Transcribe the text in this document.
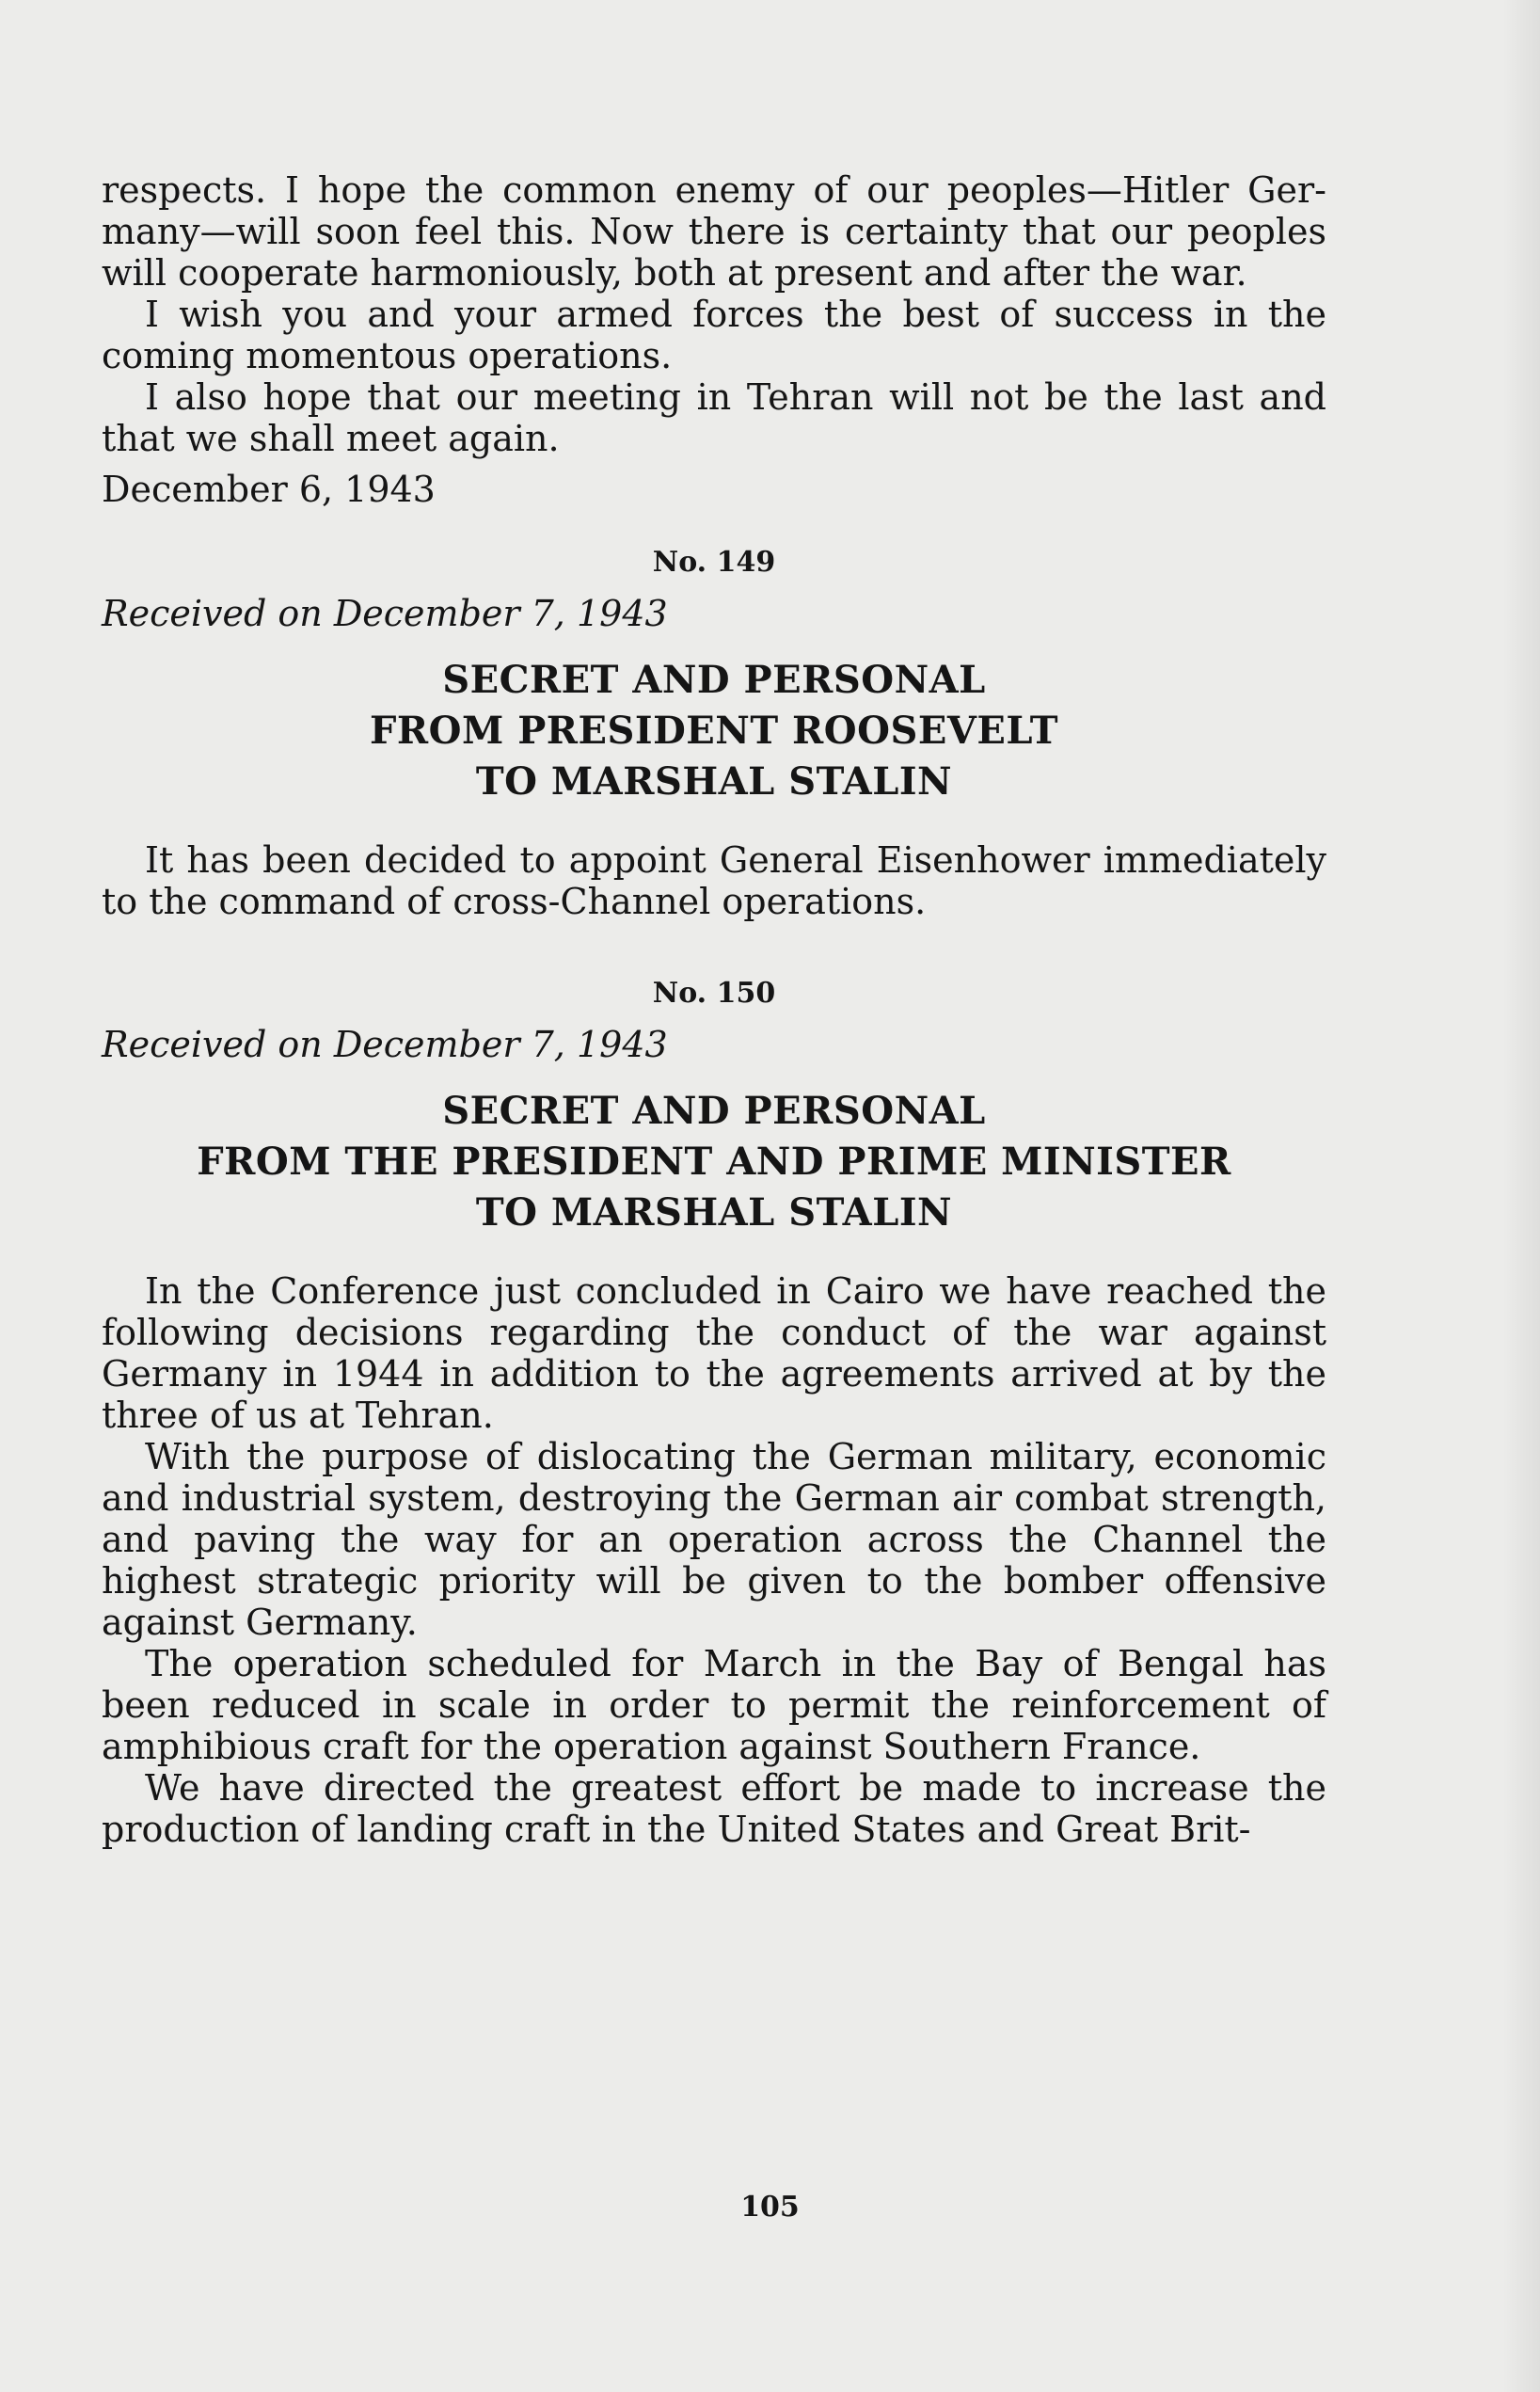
respects. I hope the common enemy of our peoples—Hitler Germany—will soon feel this. Now there is certainty that our peoples will cooperate harmoniously, both at present and after the war.

I wish you and your armed forces the best of success in the coming momentous operations.

I also hope that our meeting in Tehran will not be the last and that we shall meet again.

December 6, 1943

No. 149

Received on December 7, 1943

SECRET AND PERSONAL
FROM PRESIDENT ROOSEVELT
TO MARSHAL STALIN

It has been decided to appoint General Eisenhower immediately to the command of cross-Channel operations.

No. 150

Received on December 7, 1943

SECRET AND PERSONAL
FROM THE PRESIDENT AND PRIME MINISTER
TO MARSHAL STALIN

In the Conference just concluded in Cairo we have reached the following decisions regarding the conduct of the war against Germany in 1944 in addition to the agreements arrived at by the three of us at Tehran.

With the purpose of dislocating the German military, economic and industrial system, destroying the German air combat strength, and paving the way for an operation across the Channel the highest strategic priority will be given to the bomber offensive against Germany.

The operation scheduled for March in the Bay of Bengal has been reduced in scale in order to permit the reinforcement of amphibious craft for the operation against Southern France.

We have directed the greatest effort be made to increase the production of landing craft in the United States and Great Brit-

105
